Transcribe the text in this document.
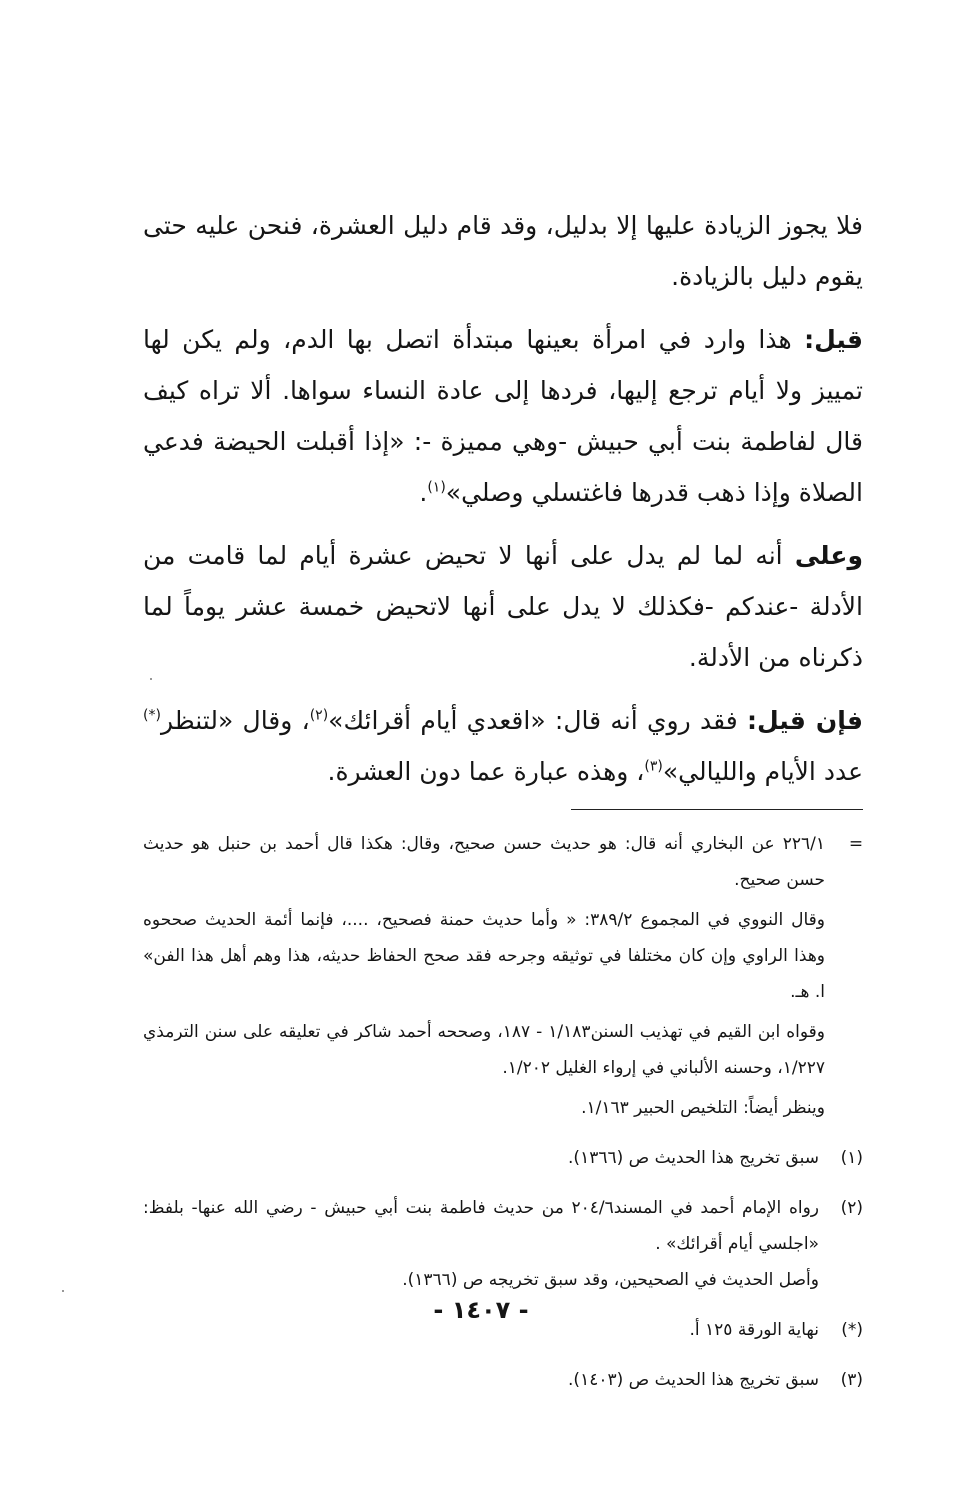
فلا يجوز الزيادة عليها إلا بدليل، وقد قام دليل العشرة، فنحن عليه حتى يقوم دليل بالزيادة.

قيل: هذا وارد في امرأة بعينها مبتدأة اتصل بها الدم، ولم يكن لها تمييز ولا أيام ترجع إليها، فردها إلى عادة النساء سواها. ألا تراه كيف قال لفاطمة بنت أبي حبيش -وهي مميزة -: «إذا أقبلت الحيضة فدعي الصلاة وإذا ذهب قدرها فاغتسلي وصلي»$^{(١)}$.

وعلى أنه لما لم يدل على أنها لا تحيض عشرة أيام لما قامت من الأدلة -عندكم -فكذلك لا يدل على أنها لاتحيض خمسة عشر يوماً لما ذكرناه من الأدلة.

فإن قيل: فقد روي أنه قال: «اقعدي أيام أقرائك»$^{(٢)}$، وقال «لتنظر(*) عدد الأيام والليالي»$^{(٣)}$، وهذه عبارة عما دون العشرة.

=
٢٢٦/١ عن البخاري أنه قال: هو حديث حسن صحيح، وقال: هكذا قال أحمد بن حنبل هو حديث حسن صحيح.

وقال النووي في المجموع ٣٨٩/٢: « وأما حديث حمنة فصحيح، ....، فإنما أئمة الحديث صححوه وهذا الراوي وإن كان مختلفا في توثيقه وجرحه فقد صحح الحفاظ حديثه، هذا وهم أهل هذا الفن» ا. هـ.

وقواه ابن القيم في تهذيب السنن١/١٨٣ - ١٨٧، وصححه أحمد شاكر في تعليقه على سنن الترمذي ١/٢٢٧، وحسنه الألباني في إرواء الغليل ١/٢٠٢.

وينظر أيضاً: التلخيص الحبير ١/١٦٣.

(١)
سبق تخريج هذا الحديث ص (١٣٦٦).
(٢)
رواه الإمام أحمد في المسند٢٠٤/٦ من حديث فاطمة بنت أبي حبيش - رضي الله عنها- بلفظ: «اجلسي أيام أقرائك» .
وأصل الحديث في الصحيحين، وقد سبق تخريجه ص (١٣٦٦).
(*)
نهاية الورقة ١٢٥ أ.
(٣)
سبق تخريج هذا الحديث ص (١٤٠٣).
- ١٤٠٧ -
